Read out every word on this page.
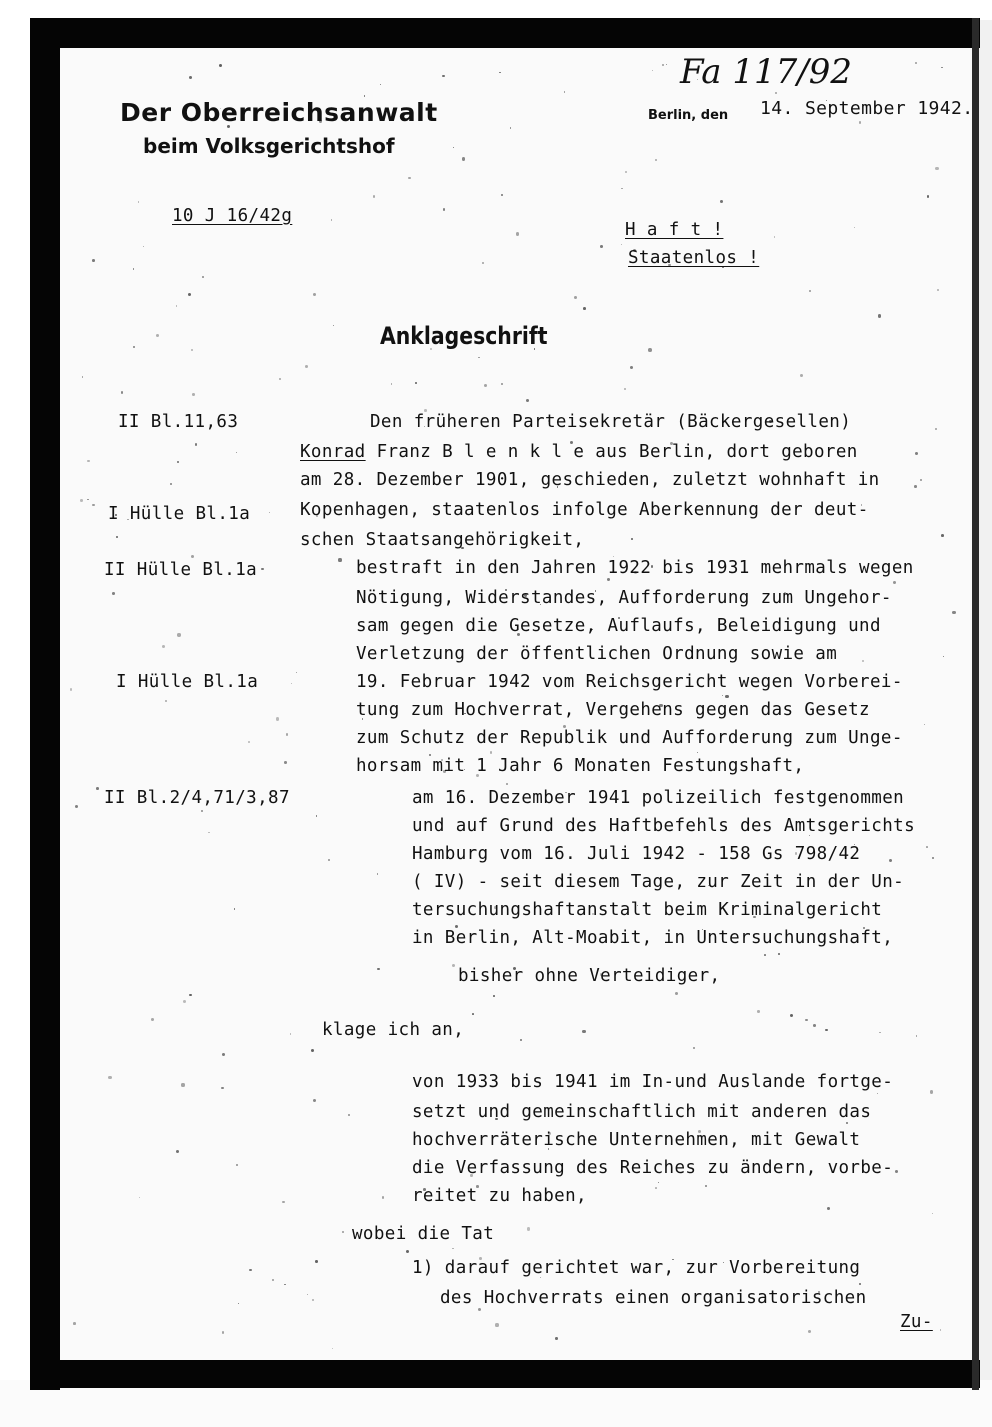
Der Oberreichsanwalt
beim Volksgerichtshof
Fa 117/92
Berlin, den 14. September 1942.
10 J 16/42g
H a f t !
Staatenlos !
Anklageschrift
II Bl.11,63
I Hülle Bl.1a
II Hülle Bl.1a
I Hülle Bl.1a
II Bl.2/4,71/3,87
Den früheren Parteisekretär (Bäckergesellen)
Konrad Franz B l e n k l e aus Berlin, dort geboren
am 28. Dezember 1901, geschieden, zuletzt wohnhaft in
Kopenhagen, staatenlos infolge Aberkennung der deut-
schen Staatsangehörigkeit,
bestraft in den Jahren 1922 bis 1931 mehrmals wegen
Nötigung, Widerstandes, Aufforderung zum Ungehor-
sam gegen die Gesetze, Auflaufs, Beleidigung und
Verletzung der öffentlichen Ordnung sowie am
19. Februar 1942 vom Reichsgericht wegen Vorberei-
tung zum Hochverrat, Vergehens gegen das Gesetz
zum Schutz der Republik und Aufforderung zum Unge-
horsam mit 1 Jahr 6 Monaten Festungshaft,
am 16. Dezember 1941 polizeilich festgenommen
und auf Grund des Haftbefehls des Amtsgerichts
Hamburg vom 16. Juli 1942 - 158 Gs 798/42
( IV) - seit diesem Tage, zur Zeit in der Un-
tersuchungshaftanstalt beim Kriminalgericht
in Berlin, Alt-Moabit, in Untersuchungshaft,
bisher ohne Verteidiger,
klage ich an,
von 1933 bis 1941 im In-und Auslande fortge-
setzt und gemeinschaftlich mit anderen das
hochverräterische Unternehmen, mit Gewalt
die Verfassung des Reiches zu ändern, vorbe-
reitet zu haben,
wobei die Tat
1) darauf gerichtet war, zur Vorbereitung
des Hochverrats einen organisatorischen
Zu-
